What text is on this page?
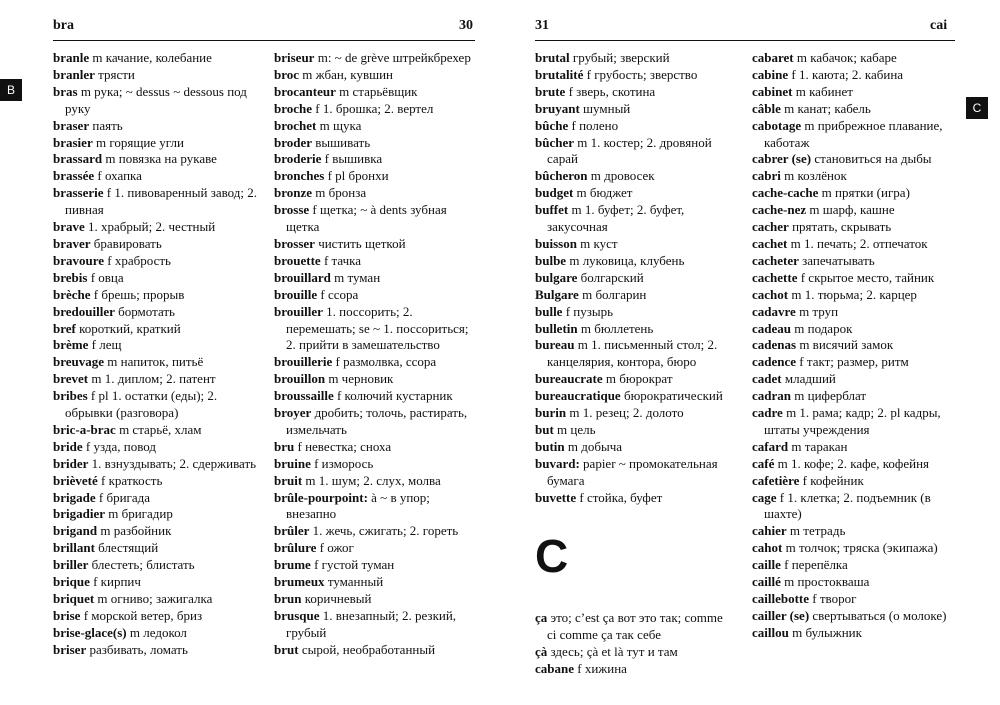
bra	30
B
branle m качание, колебание
branler трясти
bras m рука; ~ dessus ~ dessous под руку
braser паять
brasier m горящие угли
brassard m повязка на рукаве
brassée f охапка
brasserie f 1. пивоваренный завод; 2. пивная
brave 1. храбрый; 2. честный
braver бравировать
bravoure f храбрость
brebis f овца
brèche f брешь; прорыв
bredouiller бормотать
bref короткий, краткий
brème f лещ
breuvage m напиток, питьё
brevet m 1. диплом; 2. патент
bribes f pl 1. остатки (еды); 2. обрывки (разговора)
bric-a-brac m старьё, хлам
bride f узда, повод
brider 1. взнуздывать; 2. сдерживать
brièveté f краткость
brigade f бригада
brigadier m бригадир
brigand m разбойник
brillant блестящий
briller блестеть; блистать
brique f кирпич
briquet m огниво; зажигалка
brise f морской ветер, бриз
brise-glace(s) m ледокол
briser разбивать, ломать
briseur m: ~ de grève штрейкбрехер
broc m жбан, кувшин
brocanteur m старьёвщик
broche f 1. брошка; 2. вертел
brochet m щука
broder вышивать
broderie f вышивка
bronches f pl бронхи
bronze m бронза
brosse f щетка; ~ à dents зубная щетка
brosser чистить щеткой
brouette f тачка
brouillard m туман
brouille f ссора
brouiller 1. поссорить; 2. перемешать; se ~ 1. поссориться; 2. прийти в замешательство
brouillerie f размолвка, ссора
brouillon m черновик
broussaille f колючий кустарник
broyer дробить; толочь, растирать, измельчать
bru f невестка; сноха
bruine f изморось
bruit m 1. шум; 2. слух, молва
brûle-pourpoint: à ~ в упор; внезапно
brûler 1. жечь, сжигать; 2. гореть
brûlure f ожог
brume f густой туман
brumeux туманный
brun коричневый
brusque 1. внезапный; 2. резкий, грубый
brut сырой, необработанный
31	cai
C
brutal грубый; зверский
brutalité f грубость; зверство
brute f зверь, скотина
bruyant шумный
bûche f полено
bûcher m 1. костер; 2. дровяной сарай
bûcheron m дровосек
budget m бюджет
buffet m 1. буфет; 2. буфет, закусочная
buisson m куст
bulbe m луковица, клубень
bulgare болгарский
Bulgare m болгарин
bulle f пузырь
bulletin m бюллетень
bureau m 1. письменный стол; 2. канцелярия, контора, бюро
bureaucrate m бюрократ
bureaucratique бюрократический
burin m 1. резец; 2. долото
but m цель
butin m добыча
buvard: papier ~ промокательная бумага
buvette f стойка, буфет
C
ça это; c’est ça вот это так; comme ci comme ça так себе
çà здесь; çà et là тут и там
cabane f хижина
cabaret m кабачок; кабаре
cabine f 1. каюта; 2. кабина
cabinet m кабинет
câble m канат; кабель
cabotage m прибрежное плавание, каботаж
cabrer (se) становиться на дыбы
cabri m козлёнок
cache-cache m прятки (игра)
cache-nez m шарф, кашне
cacher прятать, скрывать
cachet m 1. печать; 2. отпечаток
cacheter запечатывать
cachette f скрытое место, тайник
cachot m 1. тюрьма; 2. карцер
cadavre m труп
cadeau m подарок
cadenas m висячий замок
cadence f такт; размер, ритм
cadet младший
cadran m циферблат
cadre m 1. рама; кадр; 2. pl кадры, штаты учреждения
cafard m таракан
café m 1. кофе; 2. кафе, кофейня
cafetière f кофейник
cage f 1. клетка; 2. подъемник (в шахте)
cahier m тетрадь
cahot m толчок; тряска (экипажа)
caille f перепёлка
caillé m простокваша
caillebotte f творог
cailler (se) свертываться (о молоке)
caillou m булыжник
